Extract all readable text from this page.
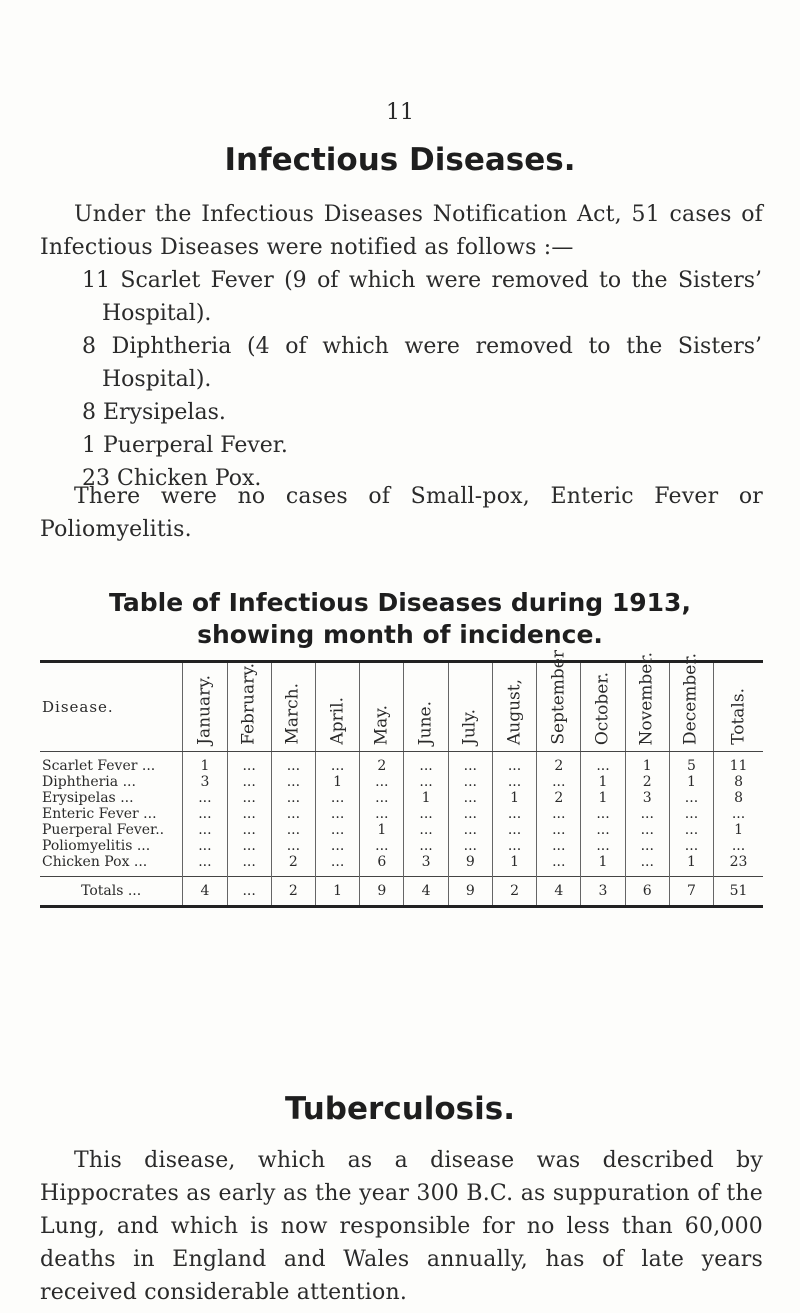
11
Infectious Diseases.
Under the Infectious Diseases Notification Act, 51 cases of Infectious Diseases were notified as follows :—
11 Scarlet Fever (9 of which were removed to the Sisters’ Hospital).
8 Diphtheria (4 of which were removed to the Sisters’ Hospital).
8 Erysipelas.
1 Puerperal Fever.
23 Chicken Pox.
There were no cases of Small-pox, Enteric Fever or Poliomyelitis.
Table of Infectious Diseases during 1913,
showing month of incidence.
Disease.	January.	February.	March.	April.	May.	June.	July.	August,	September	October.	November.	December.	Totals.

Scarlet Fever ...	1	...	...	...	2	...	...	...	2	...	1	5	11
Diphtheria ...	3	...	...	1	...	...	...	...	...	1	2	1	8
Erysipelas ...	...	...	...	...	...	1	...	1	2	1	3	...	8
Enteric Fever ...	...	...	...	...	...	...	...	...	...	...	...	...	...
Puerperal Fever..	...	...	...	...	1	...	...	...	...	...	...	...	1
Poliomyelitis ...	...	...	...	...	...	...	...	...	...	...	...	...	...
Chicken Pox ...	...	...	2	...	6	3	9	1	...	1	...	1	23
Totals ...	4	...	2	1	9	4	9	2	4	3	6	7	51
Tuberculosis.
This disease, which as a disease was described by Hippocrates as early as the year 300 B.C. as suppuration of the Lung, and which is now responsible for no less than 60,000 deaths in England and Wales annually, has of late years received considerable attention.
